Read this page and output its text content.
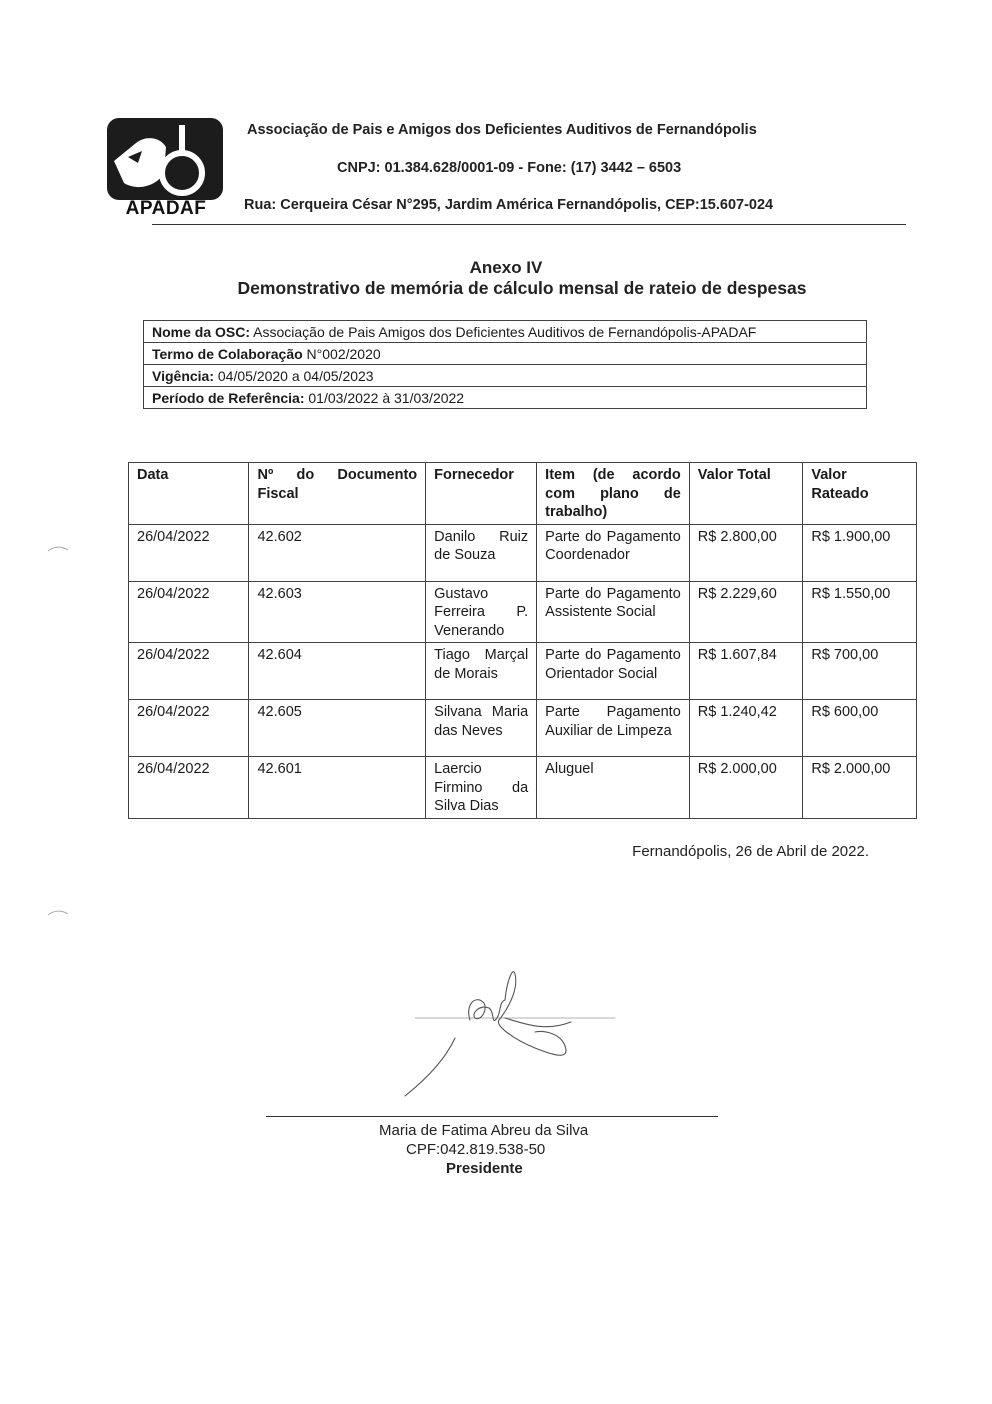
APADAF
Associação de Pais e Amigos dos Deficientes Auditivos de Fernandópolis
CNPJ: 01.384.628/0001-09 - Fone: (17) 3442 – 6503
Rua: Cerqueira César N°295, Jardim América Fernandópolis, CEP:15.607-024
Anexo IV
Demonstrativo de memória de cálculo mensal de rateio de despesas
Nome da OSC: Associação de Pais Amigos dos Deficientes Auditivos de Fernandópolis-APADAF
Termo de Colaboração N°002/2020
Vigência: 04/05/2020 a 04/05/2023
Período de Referência: 01/03/2022 à 31/03/2022
Data	Nº do Documento Fiscal	Fornecedor	Item (de acordo com plano de trabalho)	Valor Total	Valor Rateado
26/04/2022	42.602	Danilo Ruiz de Souza	Parte do Pagamento Coordenador	R$ 2.800,00	R$ 1.900,00
26/04/2022	42.603	Gustavo Ferreira P. Venerando	Parte do Pagamento Assistente Social	R$ 2.229,60	R$ 1.550,00
26/04/2022	42.604	Tiago Marçal de Morais	Parte do Pagamento Orientador Social	R$ 1.607,84	R$ 700,00
26/04/2022	42.605	Silvana Maria das Neves	Parte Pagamento Auxiliar de Limpeza	R$ 1.240,42	R$ 600,00
26/04/2022	42.601	Laercio Firmino da Silva Dias	Aluguel	R$ 2.000,00	R$ 2.000,00
Fernandópolis, 26 de Abril de 2022.
Maria de Fatima Abreu da Silva
CPF:042.819.538-50
Presidente
